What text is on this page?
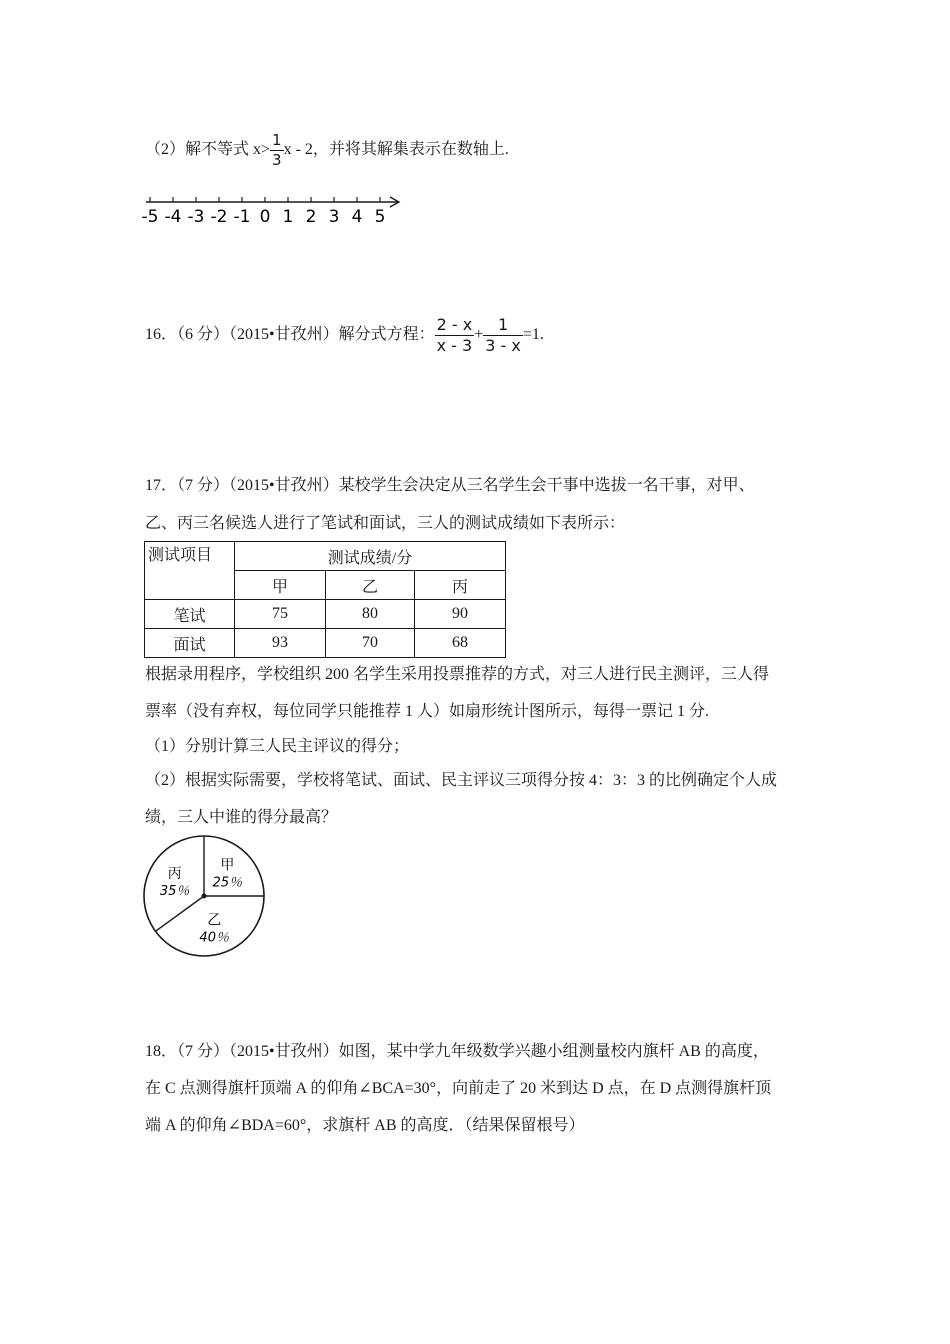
（2）解不等式 $x> \frac{1}{3}$ x - 2，并将其解集表示在数轴上.
-5 -4 -3 -2 -1 0 1 2 3 4 5
16．（6 分）（2015•甘孜州）解分式方程： $\frac{2 - x}{x - 3} + \frac{1}{3 - x} =1$.
17．（7 分）（2015•甘孜州）某校学生会决定从三名学生会干事中选拔一名干事，对甲、
乙、丙三名候选人进行了笔试和面试，三人的测试成绩如下表所示：
测试项目	测试成绩/分		
	甲	乙	丙
笔试	75	80	90
面试	93	70	68
根据录用程序，学校组织 200 名学生采用投票推荐的方式，对三人进行民主测评，三人得
票率（没有弃权，每位同学只能推荐 1 人）如扇形统计图所示，每得一票记 1 分.
（1）分别计算三人民主评议的得分；
（2）根据实际需要，学校将笔试、面试、民主评议三项得分按 4：3：3 的比例确定个人成
绩，三人中谁的得分最高？
甲
25％
乙
40％
丙
35％
18．（7 分）（2015•甘孜州）如图，某中学九年级数学兴趣小组测量校内旗杆 AB 的高度，
在 C 点测得旗杆顶端 A 的仰角∠BCA=30°，向前走了 20 米到达 D 点，在 D 点测得旗杆顶
端 A 的仰角∠BDA=60°，求旗杆 AB 的高度．（结果保留根号）
